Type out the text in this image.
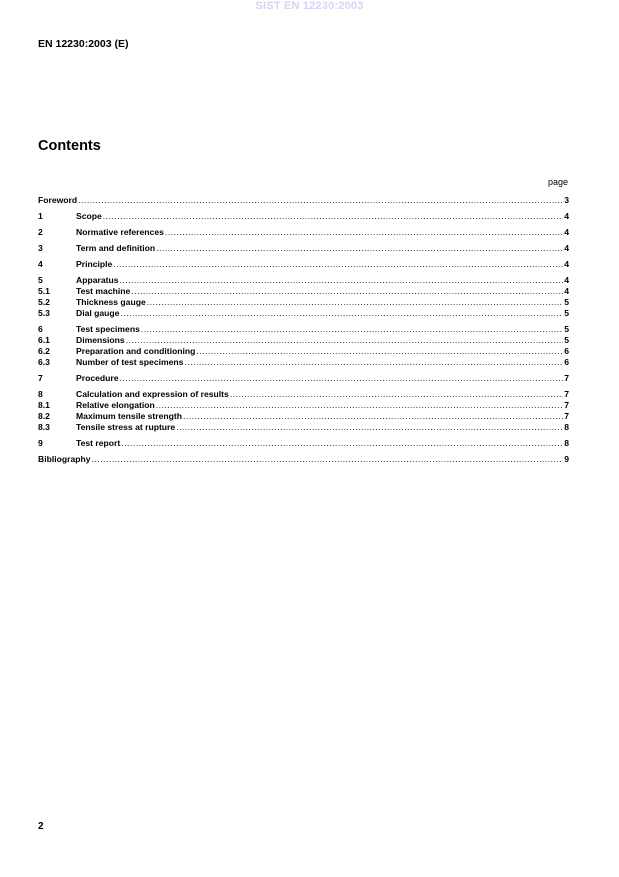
SIST EN 12230:2003
EN 12230:2003 (E)
Contents
page
Foreword .....	3
1	Scope .....	4
2	Normative references .....	4
3	Term and definition .....	4
4	Principle .....	4
5	Apparatus .....	4
5.1	Test machine .....	4
5.2	Thickness gauge .....	5
5.3	Dial gauge .....	5
6	Test specimens .....	5
6.1	Dimensions .....	5
6.2	Preparation and conditioning .....	6
6.3	Number of test specimens .....	6
7	Procedure .....	7
8	Calculation and expression of results .....	7
8.1	Relative elongation .....	7
8.2	Maximum tensile strength .....	7
8.3	Tensile stress at rupture .....	8
9	Test report .....	8
Bibliography .....	9
2
